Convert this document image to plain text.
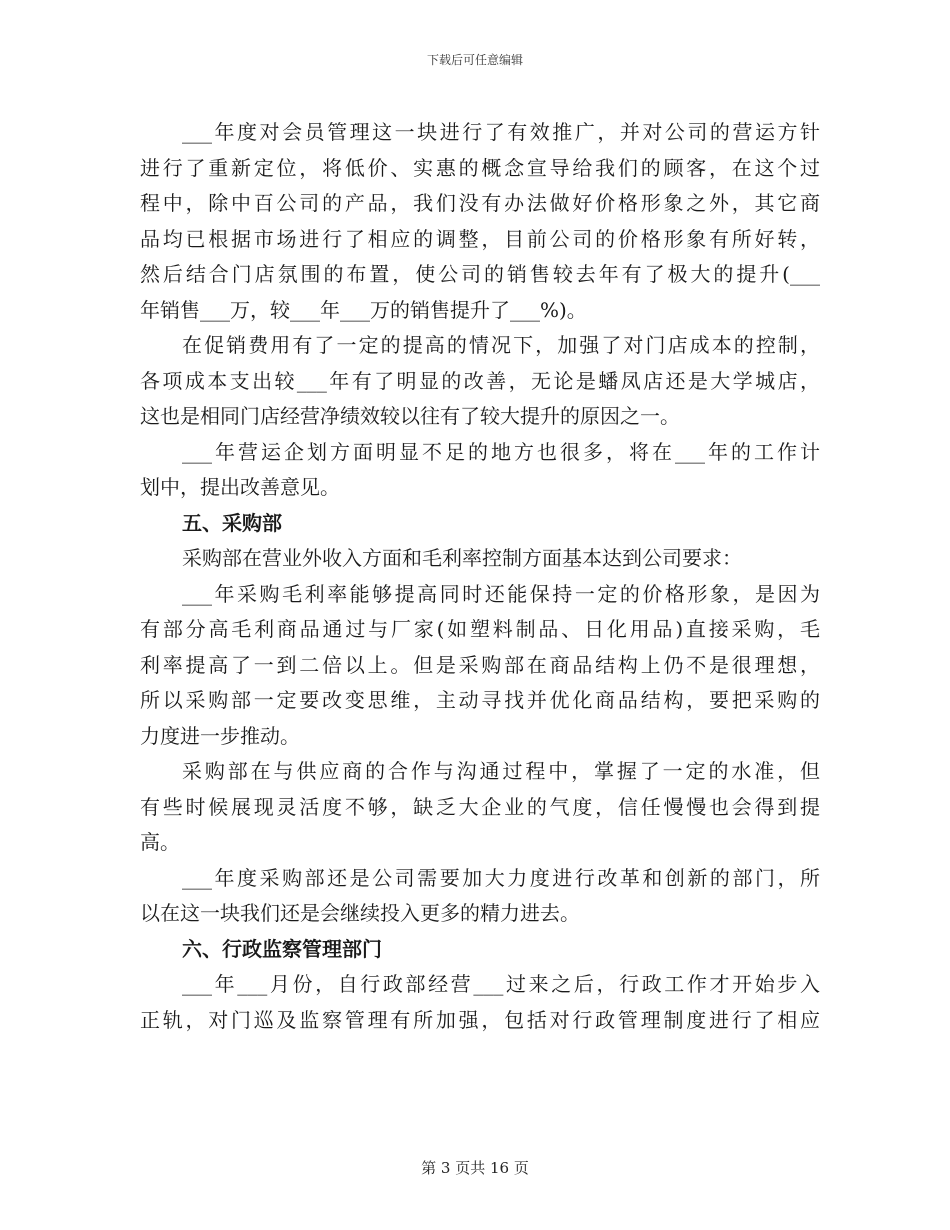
下载后可任意编辑
___年度对会员管理这一块进行了有效推广，并对公司的营运方针
进行了重新定位，将低价、实惠的概念宣导给我们的顾客，在这个过
程中，除中百公司的产品，我们没有办法做好价格形象之外，其它商
品均已根据市场进行了相应的调整，目前公司的价格形象有所好转，
然后结合门店氛围的布置，使公司的销售较去年有了极大的提升(___
年销售___万，较___年___万的销售提升了___%)。
在促销费用有了一定的提高的情况下，加强了对门店成本的控制，
各项成本支出较___年有了明显的改善，无论是蟠凤店还是大学城店，
这也是相同门店经营净绩效较以往有了较大提升的原因之一。
___年营运企划方面明显不足的地方也很多，将在___年的工作计
划中，提出改善意见。
五、采购部
采购部在营业外收入方面和毛利率控制方面基本达到公司要求：
___年采购毛利率能够提高同时还能保持一定的价格形象，是因为
有部分高毛利商品通过与厂家(如塑料制品、日化用品)直接采购，毛
利率提高了一到二倍以上。但是采购部在商品结构上仍不是很理想，
所以采购部一定要改变思维，主动寻找并优化商品结构，要把采购的
力度进一步推动。
采购部在与供应商的合作与沟通过程中，掌握了一定的水准，但
有些时候展现灵活度不够，缺乏大企业的气度，信任慢慢也会得到提
高。
___年度采购部还是公司需要加大力度进行改革和创新的部门，所
以在这一块我们还是会继续投入更多的精力进去。
六、行政监察管理部门
___年___月份，自行政部经营___过来之后，行政工作才开始步入
正轨，对门巡及监察管理有所加强，包括对行政管理制度进行了相应
第 3 页共 16 页
